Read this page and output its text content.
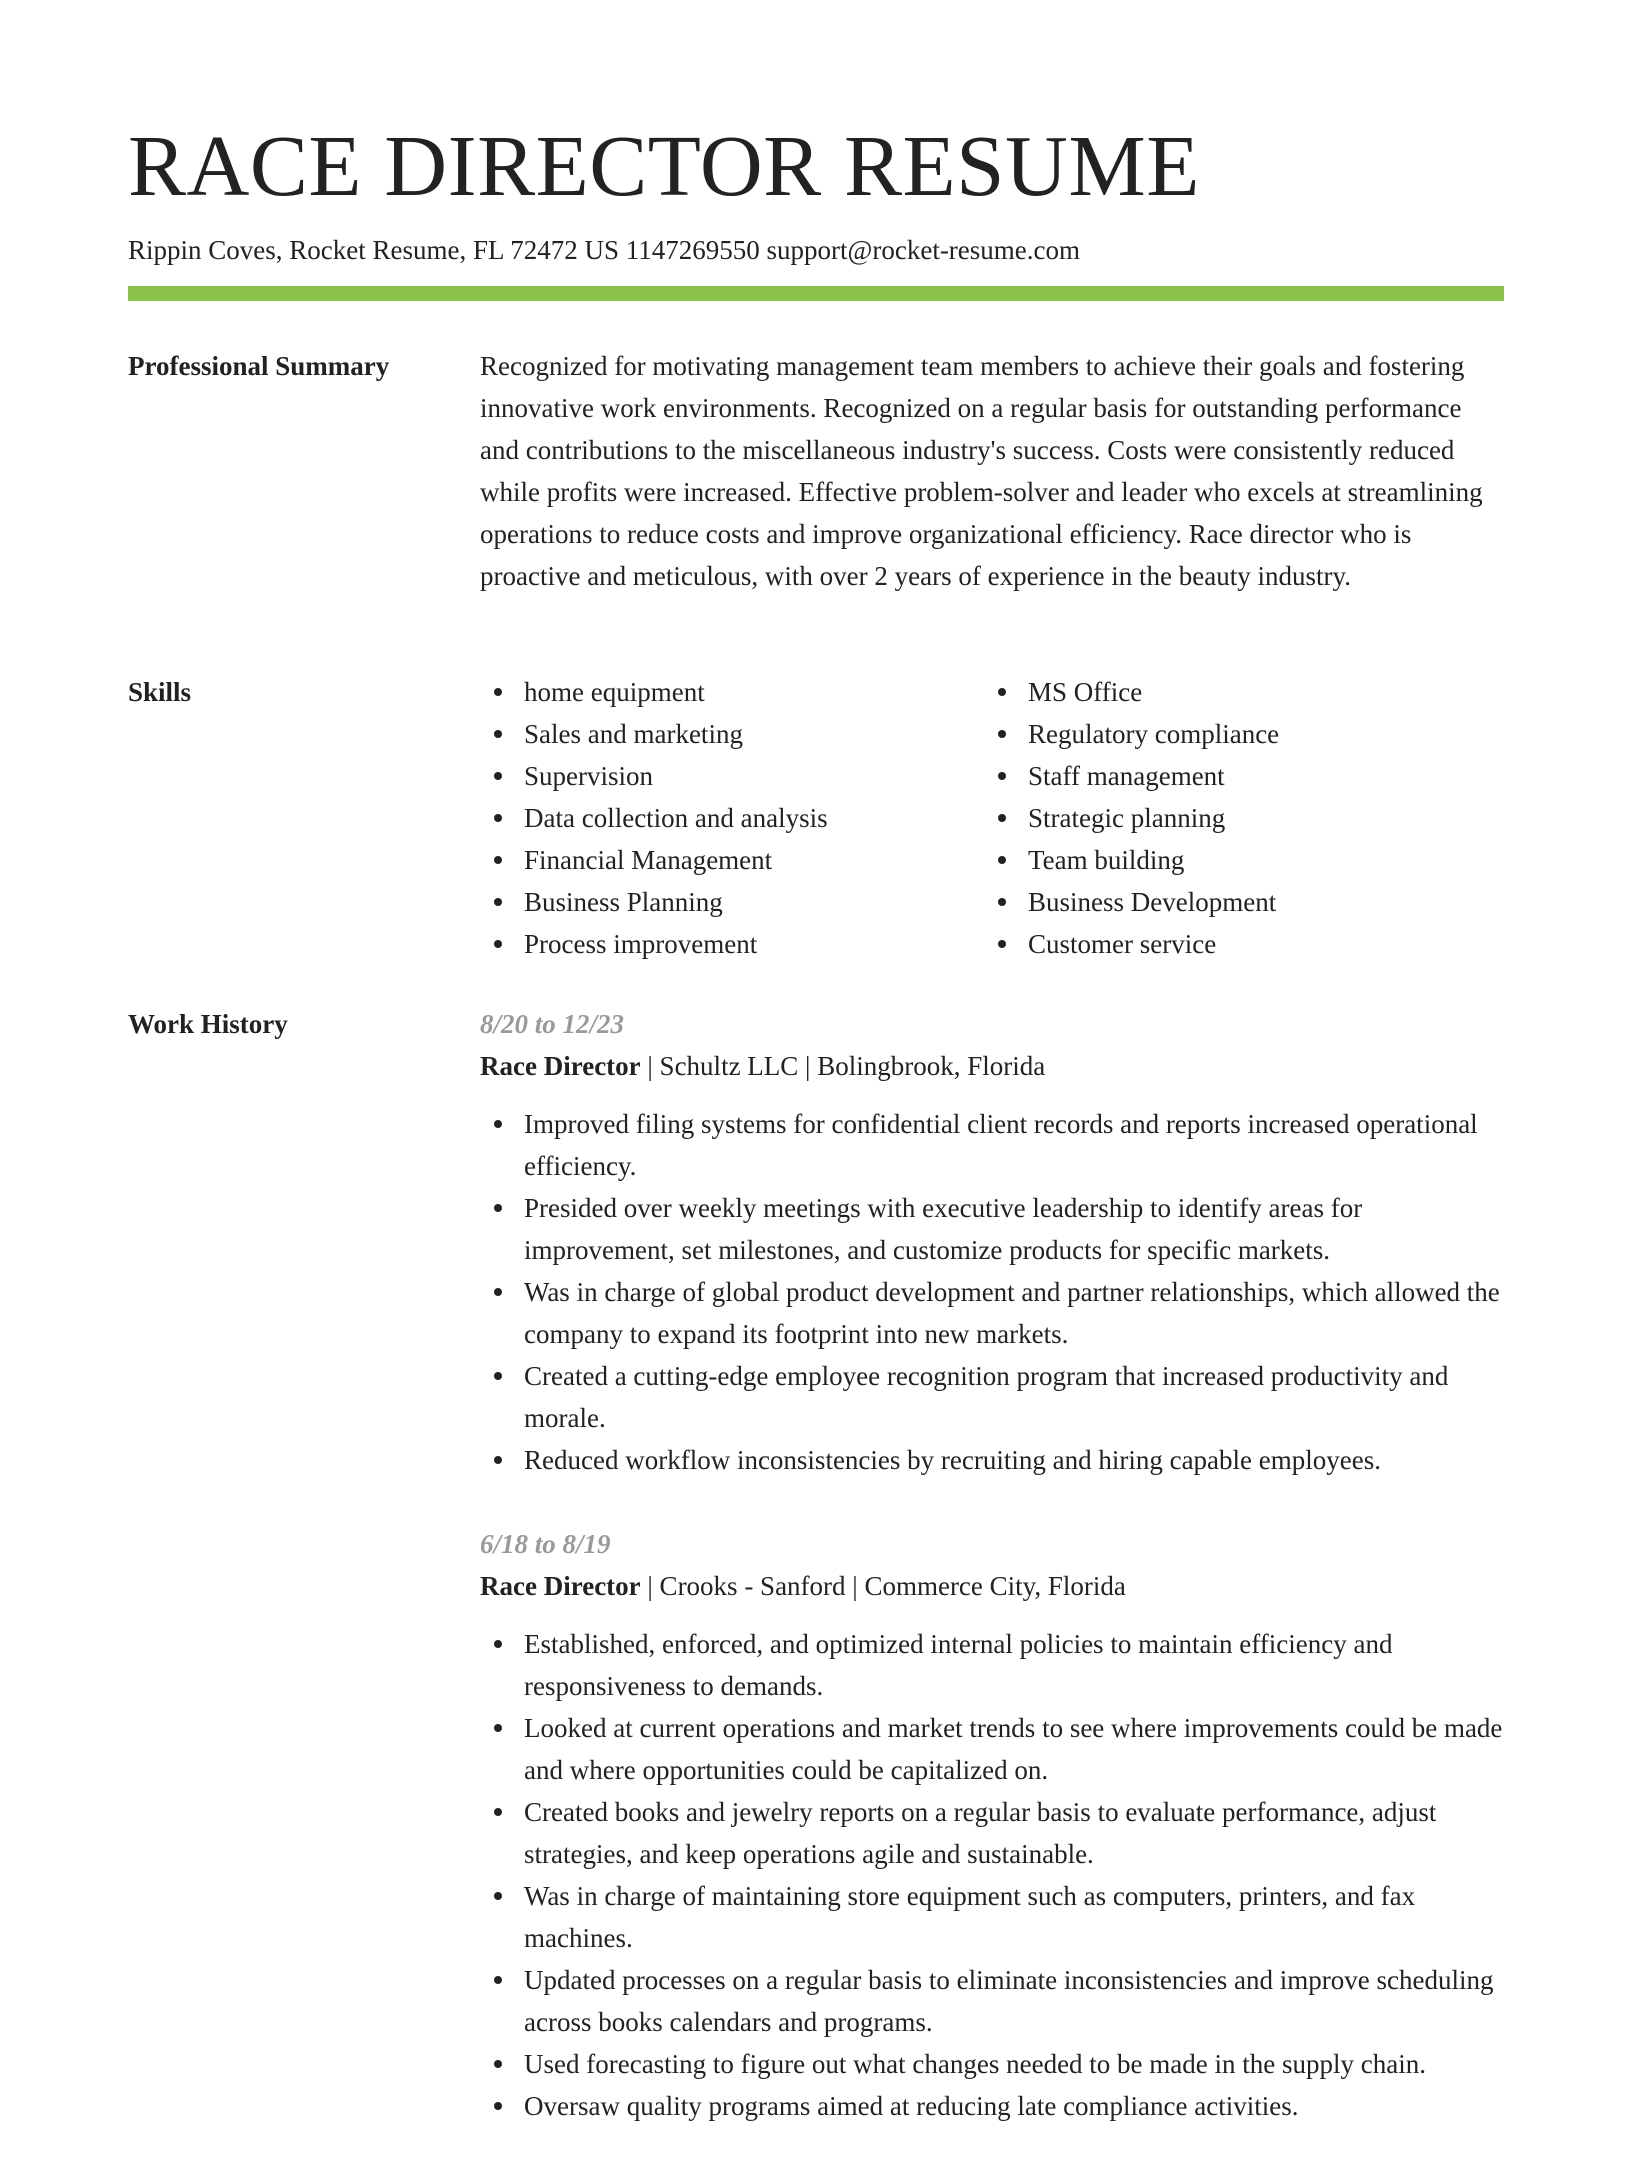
RACE DIRECTOR RESUME
Rippin Coves, Rocket Resume, FL 72472 US 1147269550 support@rocket-resume.com
Professional Summary	Recognized for motivating management team members to achieve their goals and fostering innovative work environments. Recognized on a regular basis for outstanding performance and contributions to the miscellaneous industry's success. Costs were consistently reduced while profits were increased. Effective problem-solver and leader who excels at streamlining operations to reduce costs and improve organizational efficiency. Race director who is proactive and meticulous, with over 2 years of experience in the beauty industry.

Skills	home equipment
Sales and marketing
Supervision
Data collection and analysis
Financial Management
Business Planning
Process improvement
MS Office
Regulatory compliance
Staff management
Strategic planning
Team building
Business Development
Customer service
Work History	8/20 to 12/23
Race Director | Schultz LLC | Bolingbrook, Florida
Improved filing systems for confidential client records and reports increased operational efficiency.
Presided over weekly meetings with executive leadership to identify areas for improvement, set milestones, and customize products for specific markets.
Was in charge of global product development and partner relationships, which allowed the company to expand its footprint into new markets.
Created a cutting-edge employee recognition program that increased productivity and morale.
Reduced workflow inconsistencies by recruiting and hiring capable employees.
6/18 to 8/19
Race Director | Crooks - Sanford | Commerce City, Florida
Established, enforced, and optimized internal policies to maintain efficiency and responsiveness to demands.
Looked at current operations and market trends to see where improvements could be made and where opportunities could be capitalized on.
Created books and jewelry reports on a regular basis to evaluate performance, adjust strategies, and keep operations agile and sustainable.
Was in charge of maintaining store equipment such as computers, printers, and fax machines.
Updated processes on a regular basis to eliminate inconsistencies and improve scheduling across books calendars and programs.
Used forecasting to figure out what changes needed to be made in the supply chain.
Oversaw quality programs aimed at reducing late compliance activities.
